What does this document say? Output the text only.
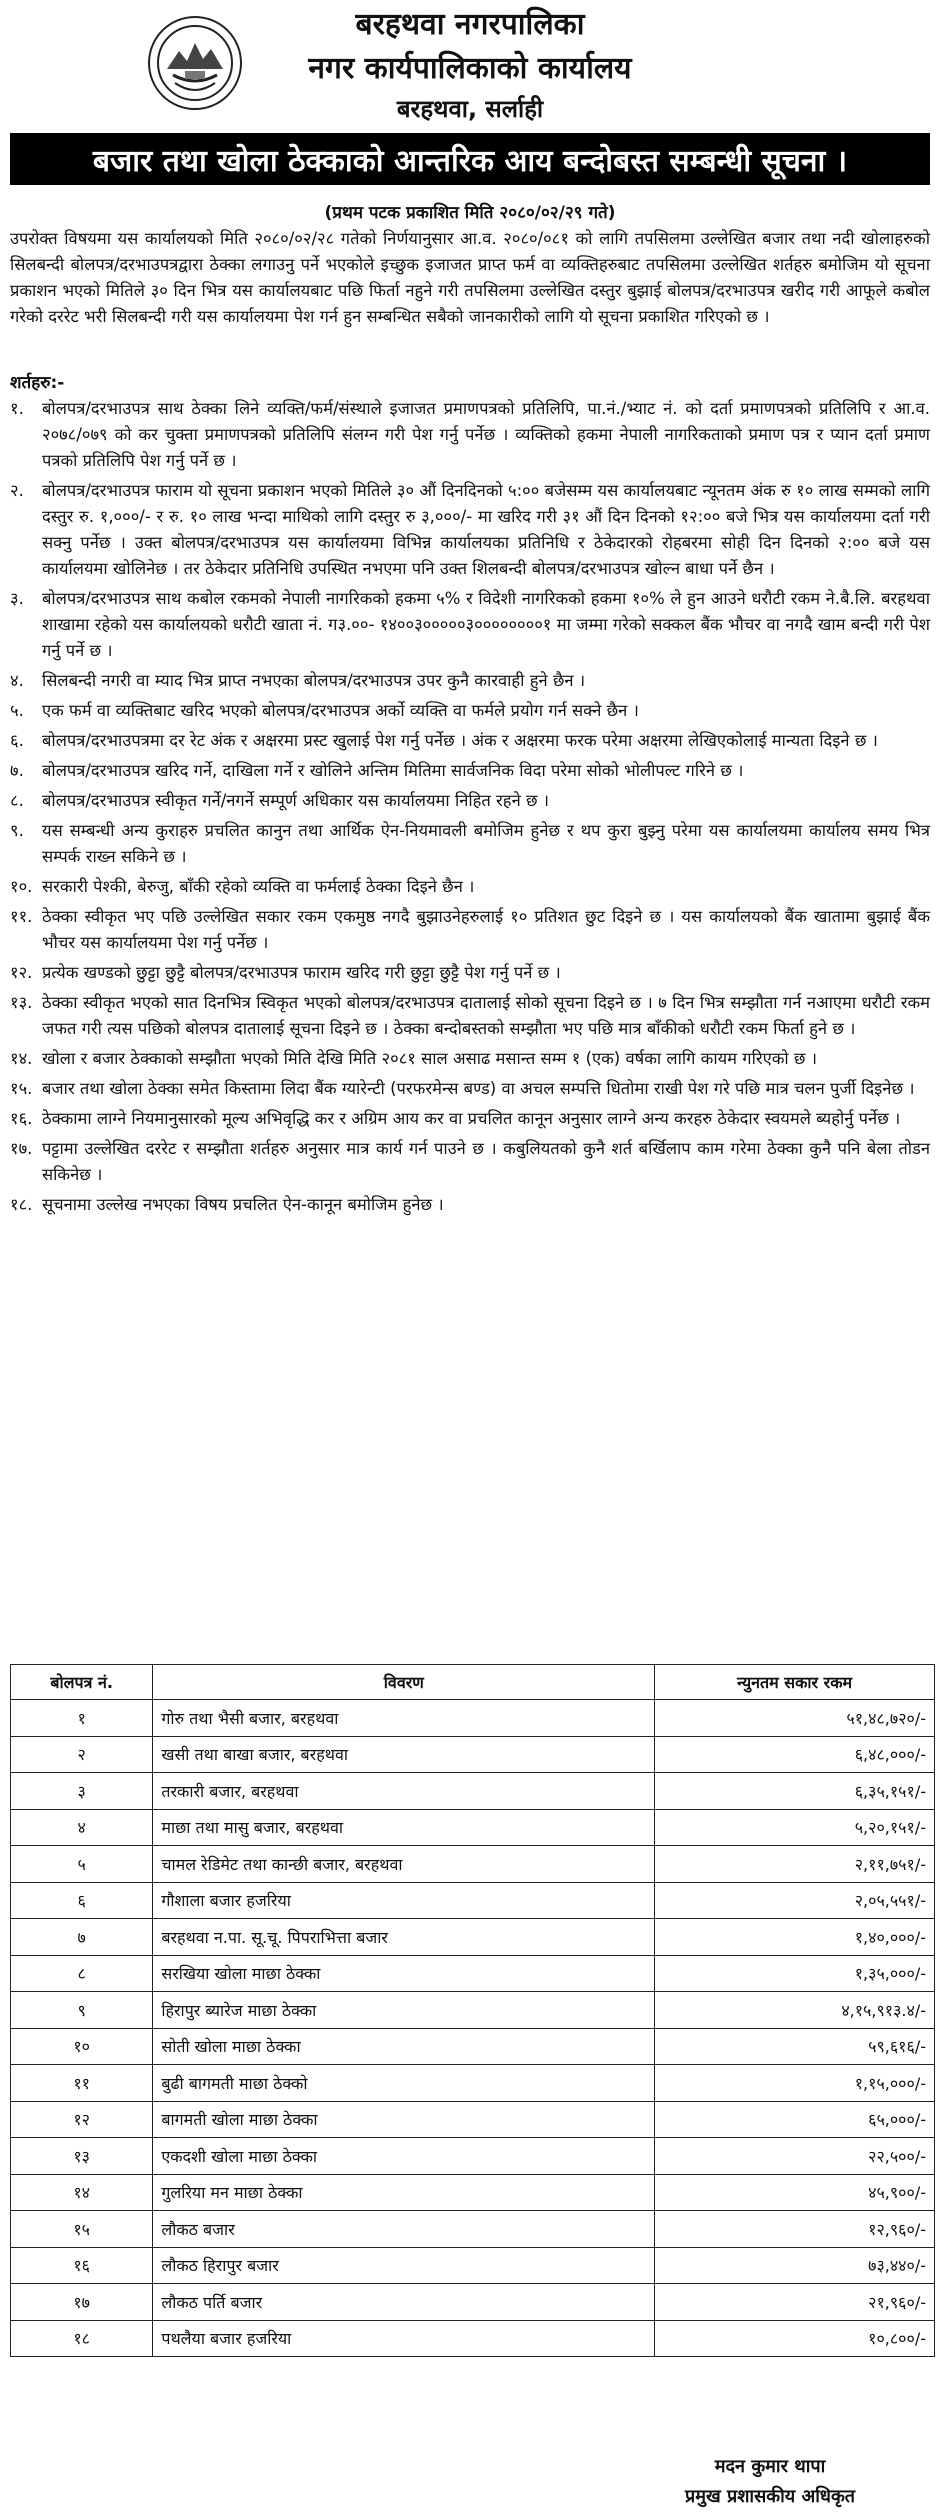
बरहथवा नगरपालिका
नगर कार्यपालिकाको कार्यालय
बरहथवा, सर्लाही
बजार तथा खोला ठेक्काको आन्तरिक आय बन्दोबस्त सम्बन्धी सूचना ।
(प्रथम पटक प्रकाशित मिति २०८०/०२/२९ गते)
उपरोक्त विषयमा यस कार्यालयको मिति २०८०/०२/२८ गतेको निर्णयानुसार आ.व. २०८०/०८१ को लागि तपसिलमा उल्लेखित बजार तथा नदी खोलाहरुको सिलबन्दी बोलपत्र/दरभाउपत्रद्वारा ठेक्का लगाउनु पर्ने भएकोले इच्छुक इजाजत प्राप्त फर्म वा व्यक्तिहरुबाट तपसिलमा उल्लेखित शर्तहरु बमोजिम यो सूचना प्रकाशन भएको मितिले ३० दिन भित्र यस कार्यालयबाट पछि फिर्ता नहुने गरी तपसिलमा उल्लेखित दस्तुर बुझाई बोलपत्र/दरभाउपत्र खरीद गरी आफूले कबोल गरेको दररेट भरी सिलबन्दी गरी यस कार्यालयमा पेश गर्न हुन सम्बन्धित सबैको जानकारीको लागि यो सूचना प्रकाशित गरिएको छ ।
शर्तहरु:-
१.	बोलपत्र/दरभाउपत्र साथ ठेक्का लिने व्यक्ति/फर्म/संस्थाले इजाजत प्रमाणपत्रको प्रतिलिपि, पा.नं./भ्याट नं. को दर्ता प्रमाणपत्रको प्रतिलिपि र आ.व. २०७८/०७९ को कर चुक्ता प्रमाणपत्रको प्रतिलिपि संलग्न गरी पेश गर्नु पर्नेछ । व्यक्तिको हकमा नेपाली नागरिकताको प्रमाण पत्र र प्यान दर्ता प्रमाण पत्रको प्रतिलिपि पेश गर्नु पर्ने छ ।
२.	बोलपत्र/दरभाउपत्र फाराम यो सूचना प्रकाशन भएको मितिले ३० औं दिनदिनको ५:०० बजेसम्म यस कार्यालयबाट न्यूनतम अंक रु १० लाख सम्मको लागि दस्तुर रु. १,०००/- र रु. १० लाख भन्दा माथिको लागि दस्तुर रु ३,०००/- मा खरिद गरी ३१ औं दिन दिनको १२:०० बजे भित्र यस कार्यालयमा दर्ता गरी सक्नु पर्नेछ । उक्त बोलपत्र/दरभाउपत्र यस कार्यालयमा विभिन्न कार्यालयका प्रतिनिधि र ठेकेदारको रोहबरमा सोही दिन दिनको २:०० बजे यस कार्यालयमा खोलिनेछ । तर ठेकेदार प्रतिनिधि उपस्थित नभएमा पनि उक्त शिलबन्दी बोलपत्र/दरभाउपत्र खोल्न बाधा पर्ने छैन ।
३.	बोलपत्र/दरभाउपत्र साथ कबोल रकमको नेपाली नागरिकको हकमा ५% र विदेशी नागरिकको हकमा १०% ले हुन आउने धरौटी रकम ने.बै.लि. बरहथवा शाखामा रहेको यस कार्यालयको धरौटी खाता नं. ग३.००- १४००३०००००३००००००००१ मा जम्मा गरेको सक्कल बैंक भौचर वा नगदै खाम बन्दी गरी पेश गर्नु पर्ने छ ।
४.	सिलबन्दी नगरी वा म्याद भित्र प्राप्त नभएका बोलपत्र/दरभाउपत्र उपर कुनै कारवाही हुने छैन ।
५.	एक फर्म वा व्यक्तिबाट खरिद भएको बोलपत्र/दरभाउपत्र अर्को व्यक्ति वा फर्मले प्रयोग गर्न सक्ने छैन ।
६.	बोलपत्र/दरभाउपत्रमा दर रेट अंक र अक्षरमा प्रस्ट खुलाई पेश गर्नु पर्नेछ । अंक र अक्षरमा फरक परेमा अक्षरमा लेखिएकोलाई मान्यता दिइने छ ।
७.	बोलपत्र/दरभाउपत्र खरिद गर्ने, दाखिला गर्ने र खोलिने अन्तिम मितिमा सार्वजनिक विदा परेमा सोको भोलीपल्ट गरिने छ ।
८.	बोलपत्र/दरभाउपत्र स्वीकृत गर्ने/नगर्ने सम्पूर्ण अधिकार यस कार्यालयमा निहित रहने छ ।
९.	यस सम्बन्धी अन्य कुराहरु प्रचलित कानुन तथा आर्थिक ऐन-नियमावली बमोजिम हुनेछ र थप कुरा बुझ्नु परेमा यस कार्यालयमा कार्यालय समय भित्र सम्पर्क राख्न सकिने छ ।
१०. सरकारी पेश्की, बेरुजु, बाँकी रहेको व्यक्ति वा फर्मलाई ठेक्का दिइने छैन ।
११. ठेक्का स्वीकृत भए पछि उल्लेखित सकार रकम एकमुष्ठ नगदै बुझाउनेहरुलाई १० प्रतिशत छुट दिइने छ । यस कार्यालयको बैंक खातामा बुझाई बैंक भौचर यस कार्यालयमा पेश गर्नु पर्नेछ ।
१२. प्रत्येक खण्डको छुट्टा छुट्टै बोलपत्र/दरभाउपत्र फाराम खरिद गरी छुट्टा छुट्टै पेश गर्नु पर्ने छ ।
१३. ठेक्का स्वीकृत भएको सात दिनभित्र स्विकृत भएको बोलपत्र/दरभाउपत्र दातालाई सोको सूचना दिइने छ । ७ दिन भित्र सम्झौता गर्न नआएमा धरौटी रकम जफत गरी त्यस पछिको बोलपत्र दातालाई सूचना दिइने छ । ठेक्का बन्दोबस्तको सम्झौता भए पछि मात्र बाँकीको धरौटी रकम फिर्ता हुने छ ।
१४. खोला र बजार ठेक्काको सम्झौता भएको मिति देखि मिति २०८१ साल असाढ मसान्त सम्म १ (एक) वर्षका लागि कायम गरिएको छ ।
१५. बजार तथा खोला ठेक्का समेत किस्तामा लिदा बैंक ग्यारेन्टी (परफरमेन्स बण्ड) वा अचल सम्पत्ति धितोमा राखी पेश गरे पछि मात्र चलन पुर्जी दिइनेछ ।
१६. ठेक्कामा लाग्ने नियमानुसारको मूल्य अभिवृद्धि कर र अग्रिम आय कर वा प्रचलित कानून अनुसार लाग्ने अन्य करहरु ठेकेदार स्वयमले ब्यहोर्नु पर्नेछ ।
१७. पट्टामा उल्लेखित दररेट र सम्झौता शर्तहरु अनुसार मात्र कार्य गर्न पाउने छ । कबुलियतको कुनै शर्त बर्खिलाप काम गरेमा ठेक्का कुनै पनि बेला तोडन सकिनेछ ।
१८. सूचनामा उल्लेख नभएका विषय प्रचलित ऐन-कानून बमोजिम हुनेछ ।
बोलपत्र नं.	विवरण	न्युनतम सकार रकम
१	गोरु तथा भैसी बजार, बरहथवा	५१,४८,७२०/-
२	खसी तथा बाखा बजार, बरहथवा	६,४८,०००/-
३	तरकारी बजार, बरहथवा	६,३५,१५१/-
४	माछा तथा मासु बजार, बरहथवा	५,२०,१५१/-
५	चामल रेडिमेट तथा कान्छी बजार, बरहथवा	२,११,७५१/-
६	गौशाला बजार हजरिया	२,०५,५५१/-
७	बरहथवा न.पा. सू.चू. पिपराभित्ता बजार	१,४०,०००/-
८	सरखिया खोला माछा ठेक्का	१,३५,०००/-
९	हिरापुर ब्यारेज माछा ठेक्का	४,१५,९१३.४/-
१०	सोती खोला माछा ठेक्का	५९,६१६/-
११	बुढी बागमती माछा ठेक्को	१,१५,०००/-
१२	बागमती खोला माछा ठेक्का	६५,०००/-
१३	एकदशी खोला माछा ठेक्का	२२,५००/-
१४	गुलरिया मन माछा ठेक्का	४५,९००/-
१५	लौकठ बजार	१२,९६०/-
१६	लौकठ हिरापुर बजार	७३,४४०/-
१७	लौकठ पर्ति बजार	२१,९६०/-
१८	पथलैया बजार हजरिया	१०,८००/-
मदन कुमार थापा
प्रमुख प्रशासकीय अधिकृत
